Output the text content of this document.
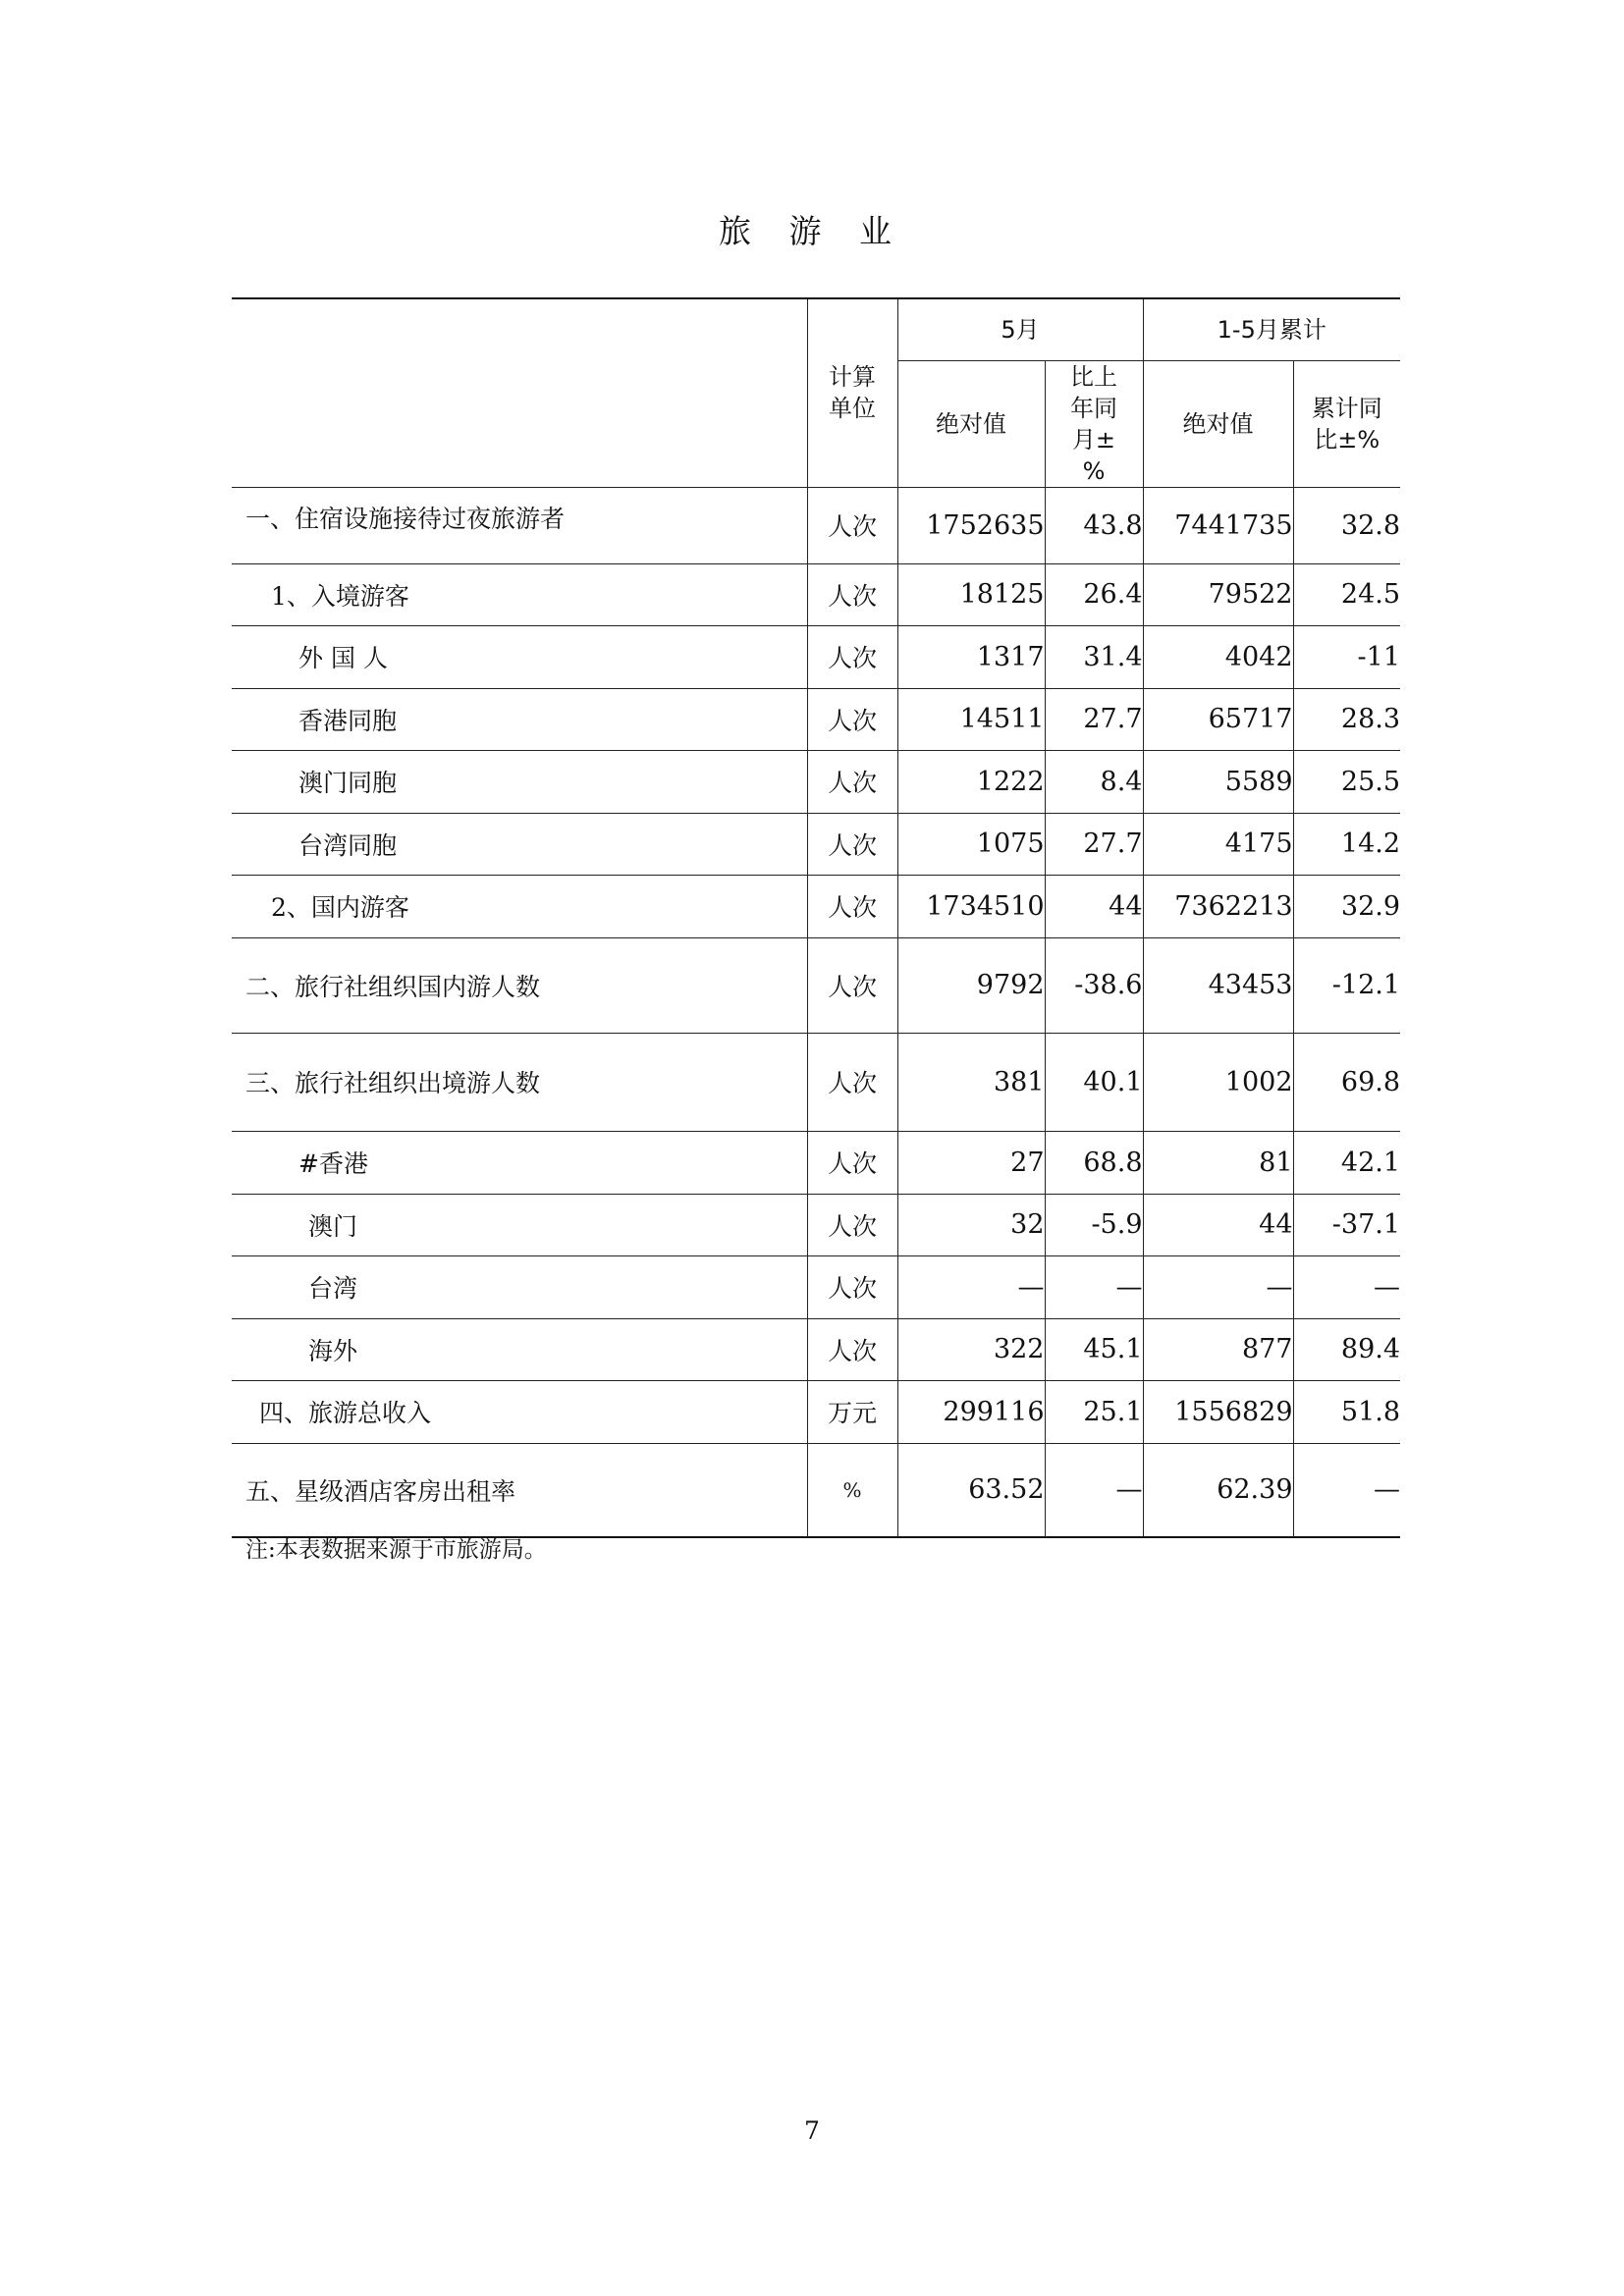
旅 游 业

	计算单位	5月		1-5月累计	
		绝对值	比上年同月±%	绝对值	累计同比±%

一、住宿设施接待过夜旅游者	人次	1752635	43.8	7441735	32.8
1、入境游客	人次	18125	26.4	79522	24.5
外 国 人	人次	1317	31.4	4042	-11
香港同胞	人次	14511	27.7	65717	28.3
澳门同胞	人次	1222	8.4	5589	25.5
台湾同胞	人次	1075	27.7	4175	14.2
2、国内游客	人次	1734510	44	7362213	32.9
二、旅行社组织国内游人数	人次	9792	-38.6	43453	-12.1
三、旅行社组织出境游人数	人次	381	40.1	1002	69.8
#香港	人次	27	68.8	81	42.1
澳门	人次	32	-5.9	44	-37.1
台湾	人次	—	—	—	—
海外	人次	322	45.1	877	89.4
四、旅游总收入	万元	299116	25.1	1556829	51.8
五、星级酒店客房出租率	%	63.52	—	62.39	—
注:本表数据来源于市旅游局。
7
